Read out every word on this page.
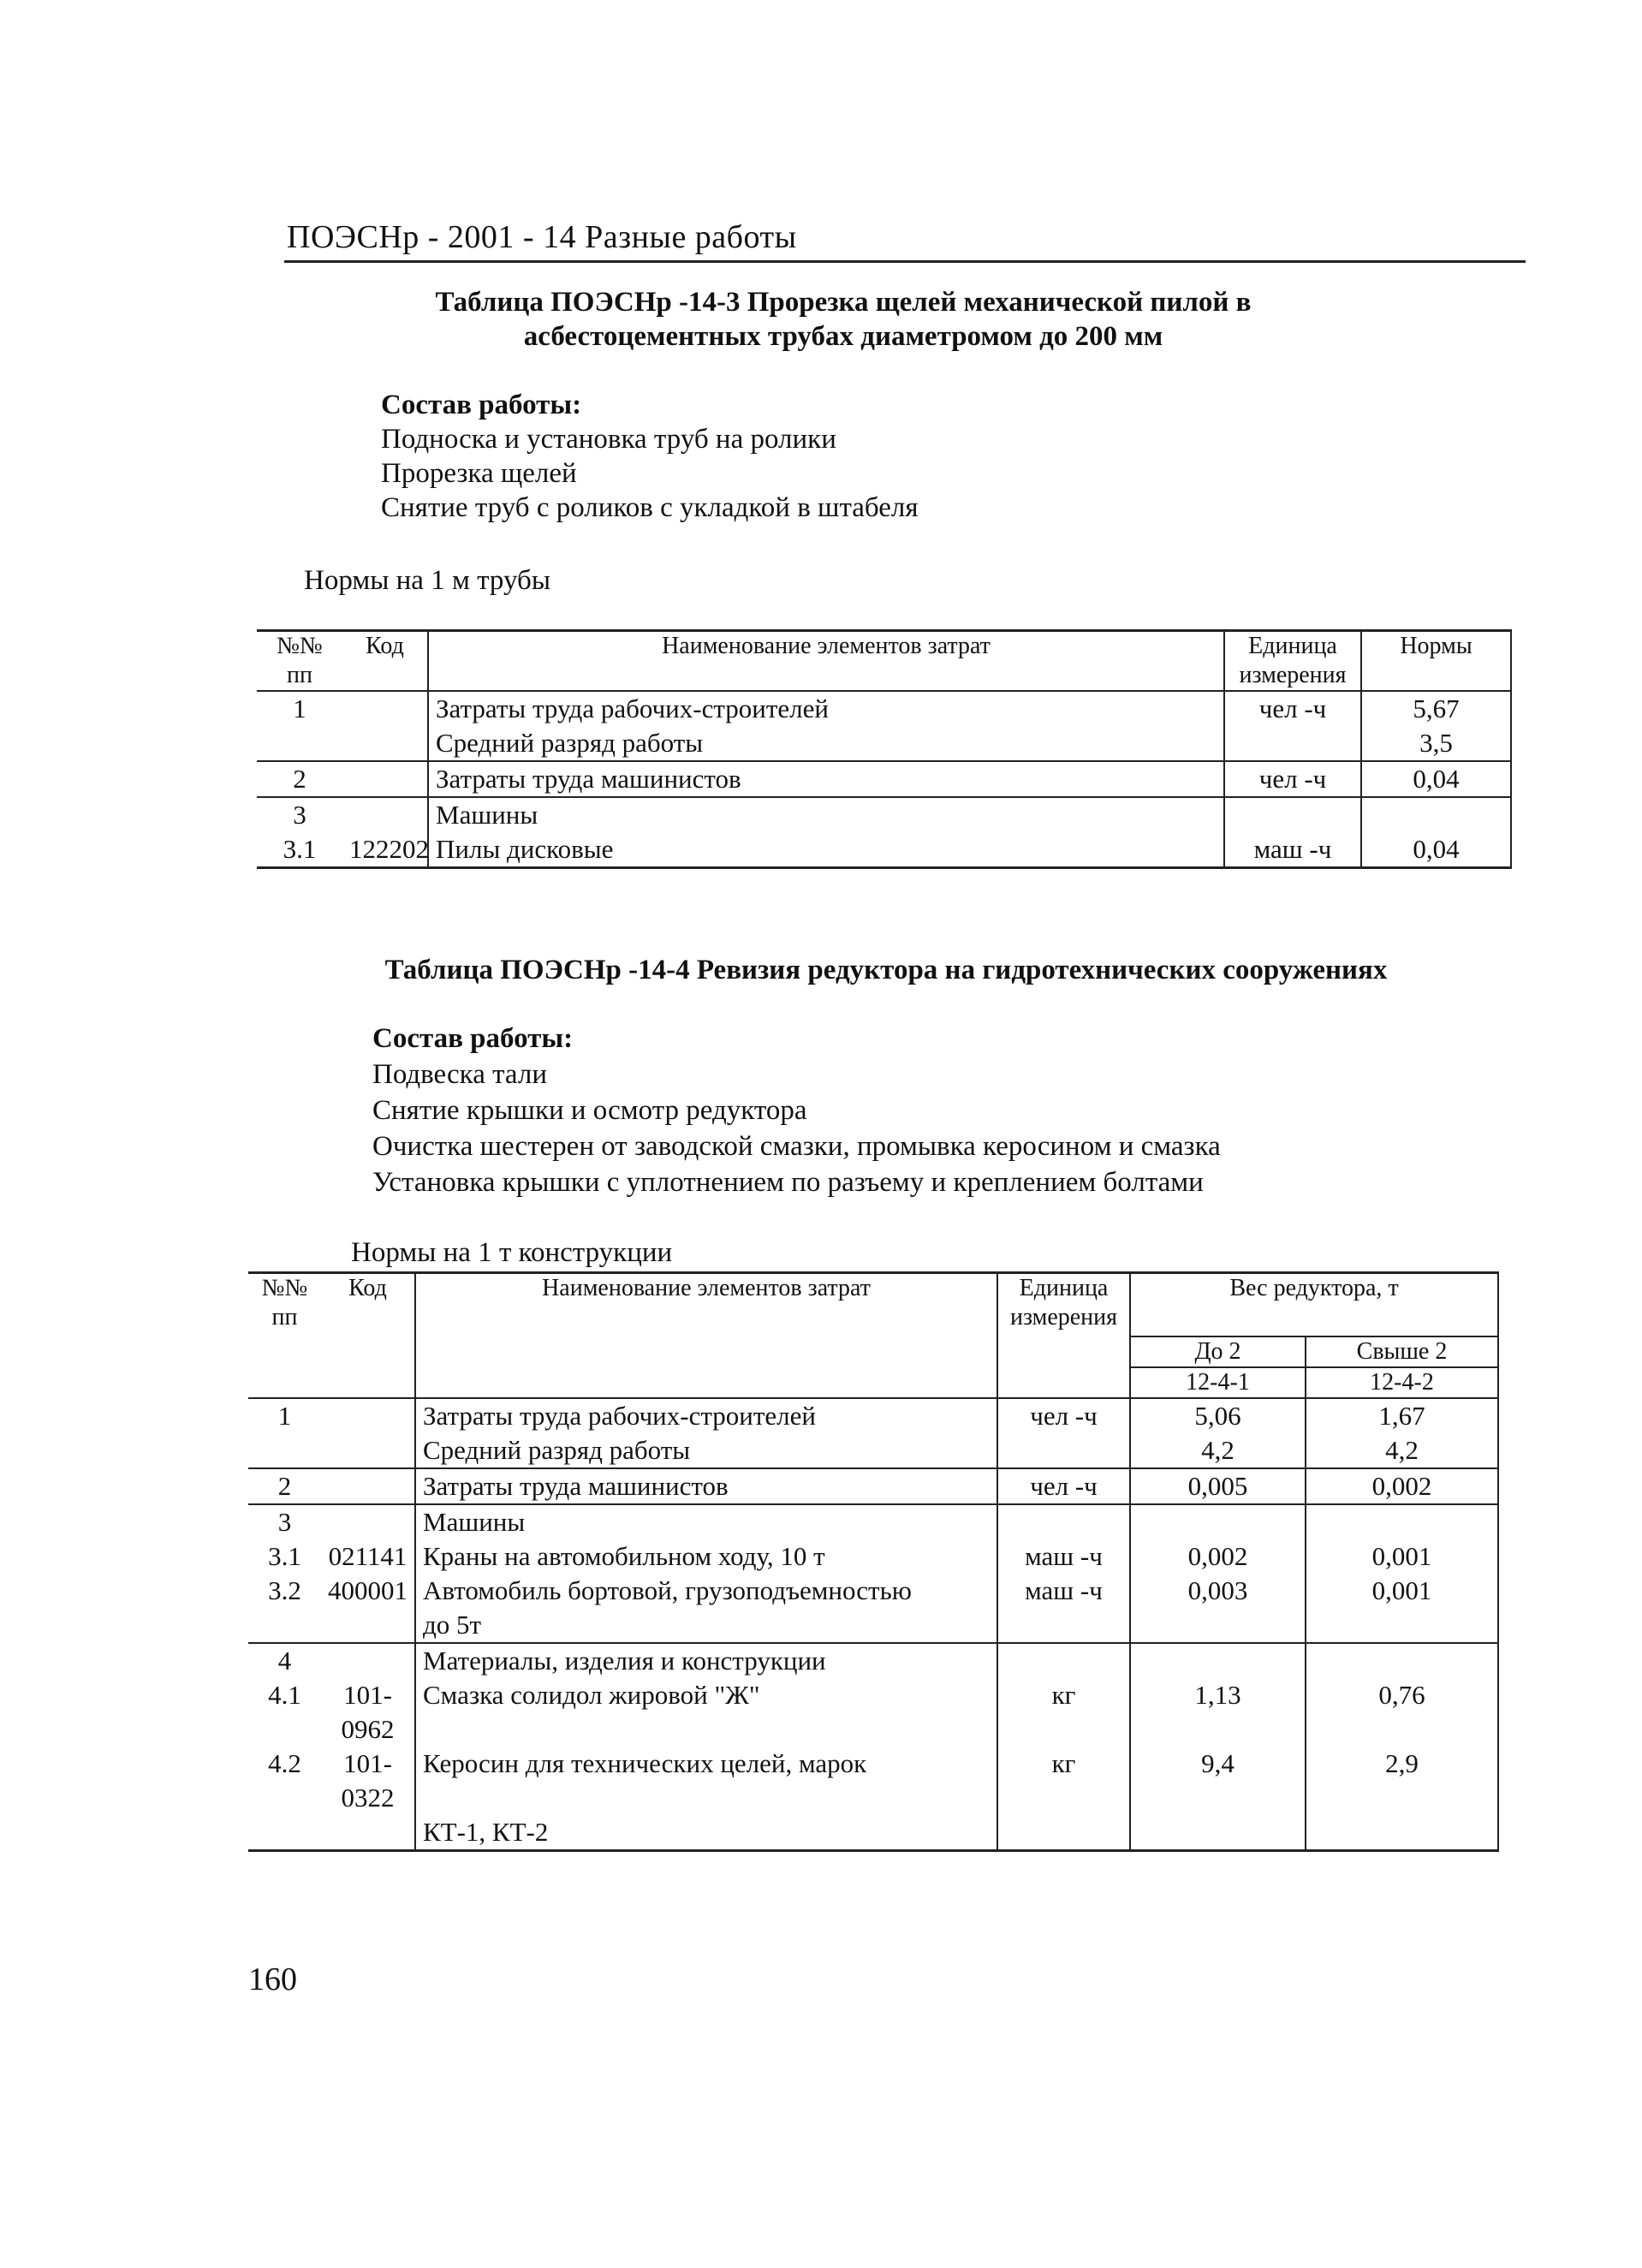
ПОЭСНр - 2001 - 14 Разные работы
Таблица ПОЭСНр -14-3 Прорезка щелей механической пилой в
асбестоцементных трубах диаметромом до 200 мм
Состав работы:
Подноска и установка труб на ролики
Прорезка щелей
Снятие труб с роликов с укладкой в штабеля
Нормы на 1 м трубы
№№ пп	Код	Наименование элементов затрат	Единица измерения	Нормы
1		Затраты труда рабочих-строителей	чел -ч	5,67
		Средний разряд работы		3,5
2		Затраты труда машинистов	чел -ч	0,04
3		Машины		
3.1	122202	Пилы дисковые	маш -ч	0,04
Таблица ПОЭСНр -14-4 Ревизия редуктора на гидротехнических сооружениях
Состав работы:
Подвеска тали
Снятие крышки и осмотр редуктора
Очистка шестерен от заводской смазки, промывка керосином и смазка
Установка крышки с уплотнением по разъему и креплением болтами
Нормы на 1 т конструкции
№№ пп	Код	Наименование элементов затрат	Единица измерения	Вес редуктора, т	
				До 2	Свыше 2
				12-4-1	12-4-2
1		Затраты труда рабочих-строителей	чел -ч	5,06	1,67
		Средний разряд работы		4,2	4,2
2		Затраты труда машинистов	чел -ч	0,005	0,002
3		Машины			
3.1	021141	Краны на автомобильном ходу, 10 т	маш -ч	0,002	0,001
3.2	400001	Автомобиль бортовой, грузоподъемностью	маш -ч	0,003	0,001
		до 5т			
4		Материалы, изделия и конструкции			
4.1	101-0962	Смазка солидол жировой "Ж"	кг	1,13	0,76
4.2	101-0322	Керосин для технических целей, марок	кг	9,4	2,9
		КТ-1, КТ-2			
160
